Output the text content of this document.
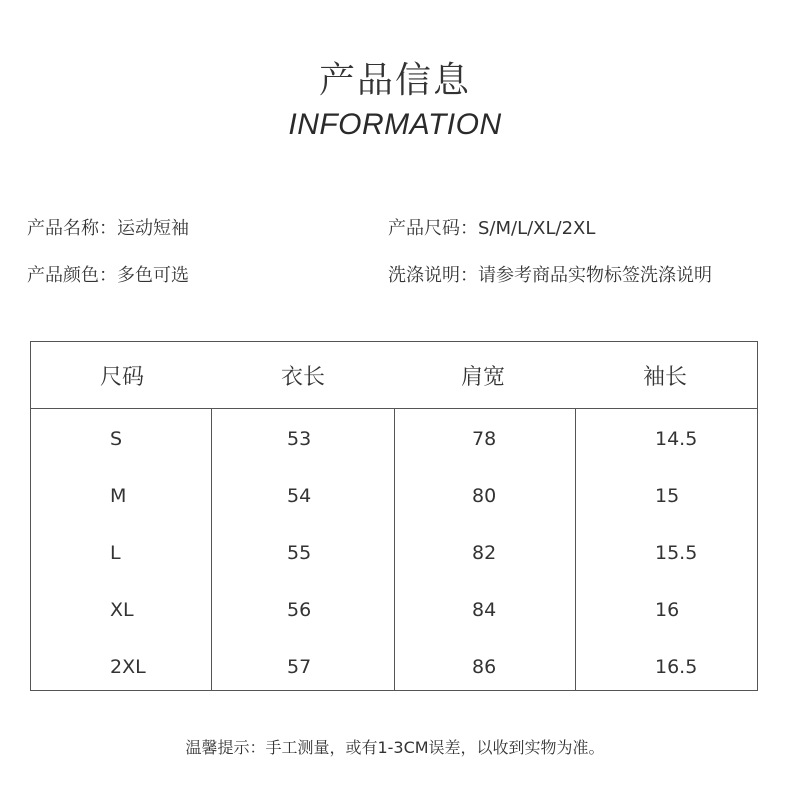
产品信息
INFORMATION
产品名称：运动短袖	产品尺码：S/M/L/XL/2XL
产品颜色：多色可选	洗涤说明：请参考商品实物标签洗涤说明
尺码	衣长	肩宽	袖长
S	53	78	14.5
M	54	80	15
L	55	82	15.5
XL	56	84	16
2XL	57	86	16.5
温馨提示：手工测量，或有1-3CM误差，以收到实物为准。
